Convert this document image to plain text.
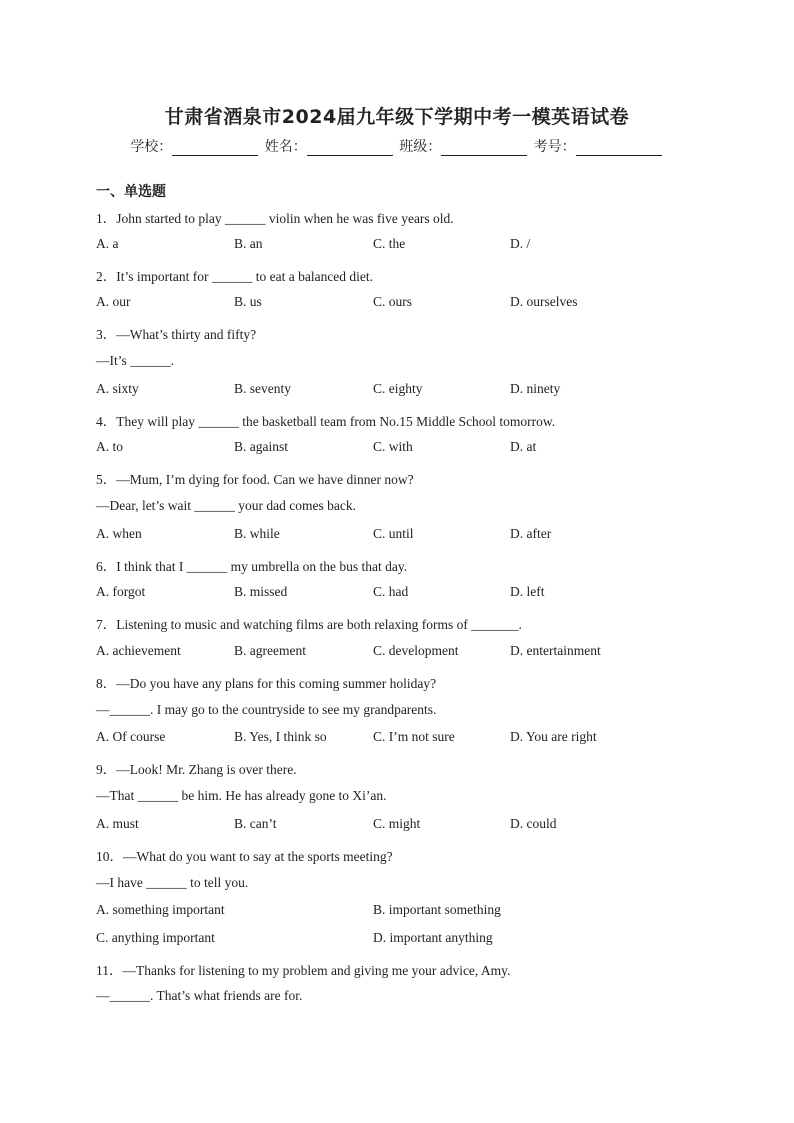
甘肃省酒泉市2024届九年级下学期中考一模英语试卷
学校：	姓名：	班级：	考号：
一、单选题
1．John started to play ______ violin when he was five years old.
A. a	B. an	C. the	D. /
2．It’s important for ______ to eat a balanced diet.
A. our	B. us	C. ours	D. ourselves
3．—What’s thirty and fifty?
—It’s ______.
A. sixty	B. seventy	C. eighty	D. ninety
4．They will play ______ the basketball team from No.15 Middle School tomorrow.
A. to	B. against	C. with	D. at
5．—Mum, I’m dying for food. Can we have dinner now?
—Dear, let’s wait ______ your dad comes back.
A. when	B. while	C. until	D. after
6．I think that I ______ my umbrella on the bus that day.
A. forgot	B. missed	C. had	D. left
7．Listening to music and watching films are both relaxing forms of _______.
A. achievement	B. agreement	C. development	D. entertainment
8．—Do you have any plans for this coming summer holiday?
—______. I may go to the countryside to see my grandparents.
A. Of course	B. Yes, I think so	C. I’m not sure	D. You are right
9．—Look! Mr. Zhang is over there.
—That ______ be him. He has already gone to Xi’an.
A. must	B. can’t	C. might	D. could
10．—What do you want to say at the sports meeting?
—I have ______ to tell you.
A. something important	B. important something
C. anything important	D. important anything
11．—Thanks for listening to my problem and giving me your advice, Amy.
—______. That’s what friends are for.
